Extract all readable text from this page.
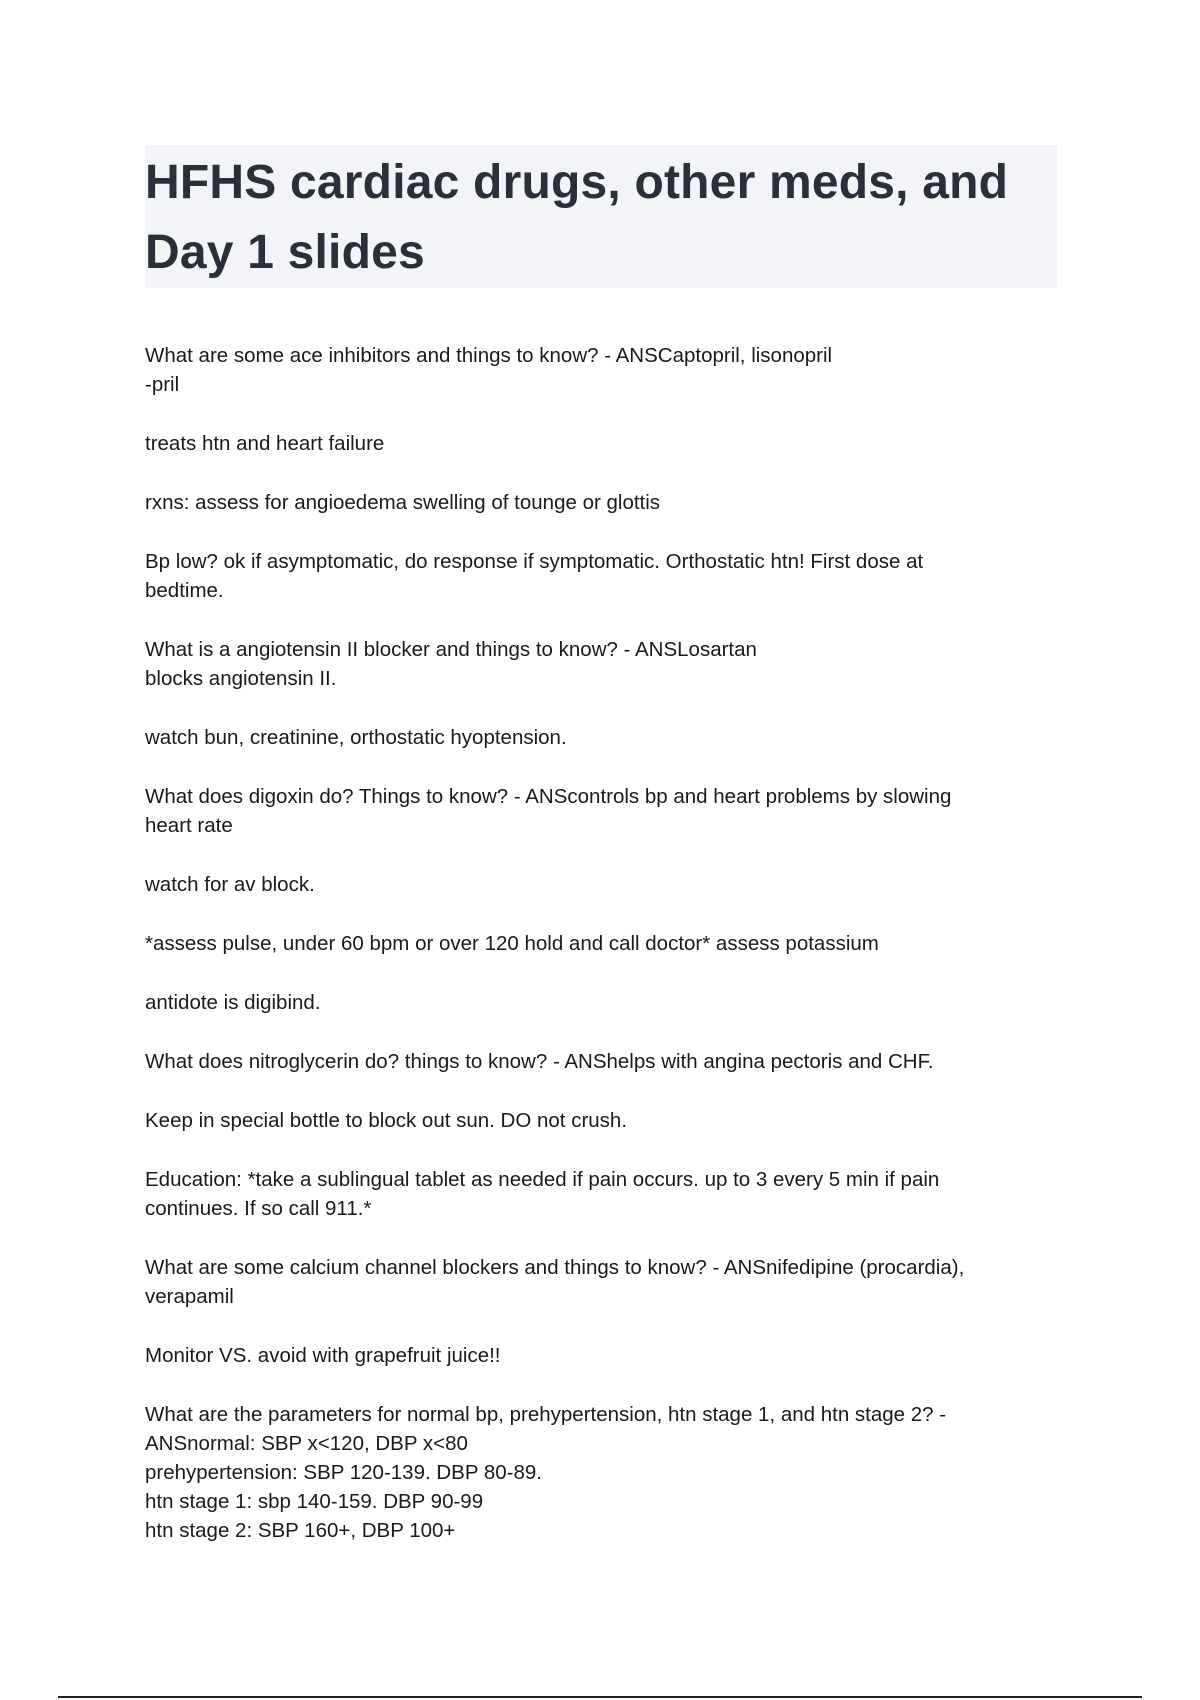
HFHS cardiac drugs, other meds, and
Day 1 slides

What are some ace inhibitors and things to know? - ANSCaptopril, lisonopril
-pril

treats htn and heart failure

rxns: assess for angioedema swelling of tounge or glottis

Bp low? ok if asymptomatic, do response if symptomatic. Orthostatic htn! First dose at
bedtime.

What is a angiotensin II blocker and things to know? - ANSLosartan
blocks angiotensin II.

watch bun, creatinine, orthostatic hyoptension.

What does digoxin do? Things to know? - ANScontrols bp and heart problems by slowing
heart rate

watch for av block.

*assess pulse, under 60 bpm or over 120 hold and call doctor* assess potassium

antidote is digibind.

What does nitroglycerin do? things to know? - ANShelps with angina pectoris and CHF.

Keep in special bottle to block out sun. DO not crush.

Education: *take a sublingual tablet as needed if pain occurs. up to 3 every 5 min if pain
continues. If so call 911.*

What are some calcium channel blockers and things to know? - ANSnifedipine (procardia),
verapamil

Monitor VS. avoid with grapefruit juice!!

What are the parameters for normal bp, prehypertension, htn stage 1, and htn stage 2? -
ANSnormal: SBP x<120, DBP x<80
prehypertension: SBP 120-139. DBP 80-89.
htn stage 1: sbp 140-159. DBP 90-99
htn stage 2: SBP 160+, DBP 100+
